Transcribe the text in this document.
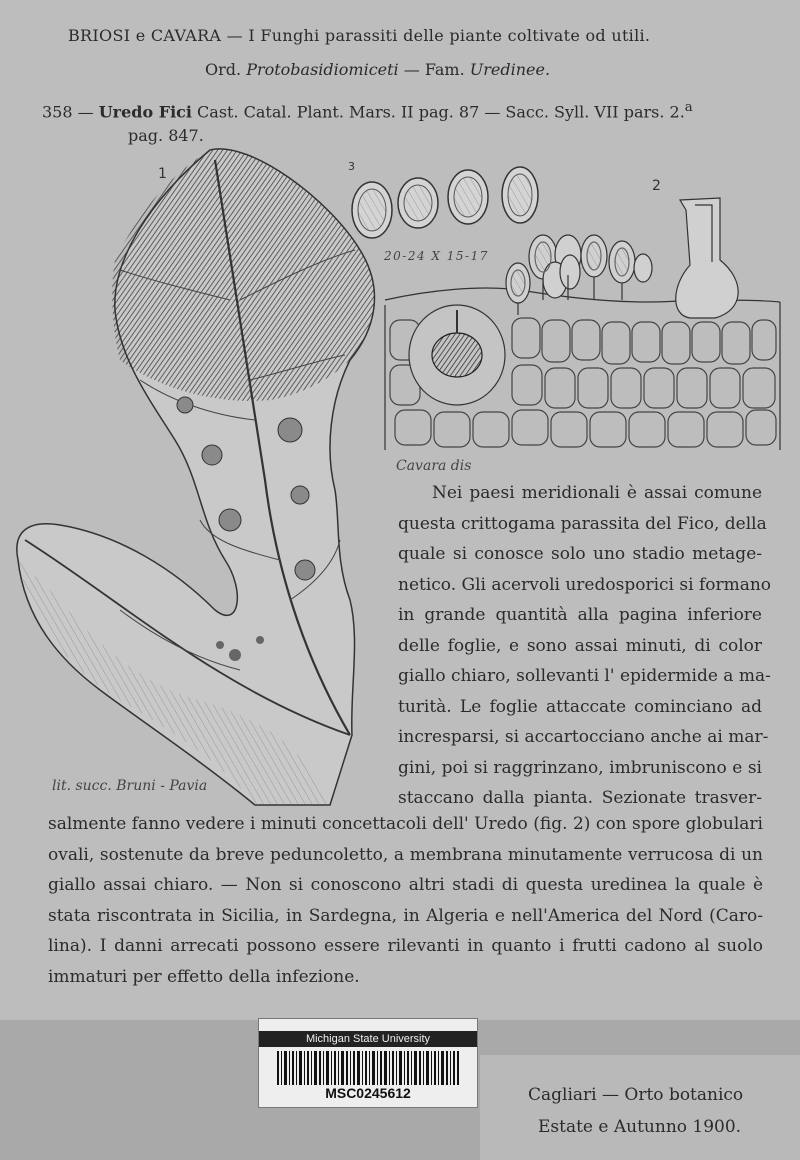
BRIOSI e CAVARA — I Funghi parassiti delle piante coltivate od utili.
Ord. Protobasidiomiceti — Fam. Uredinee.
358 — Uredo Fici Cast. Catal. Plant. Mars. II pag. 87 — Sacc. Syll. VII pars. 2.$^a$
pag. 847.
1
2
3
20-24 X 15-17
Cavara dis
lit. succ. Bruni - Pavia
Nei paesi meridionali è assai comune
questa crittogama parassita del Fico, della
quale si conosce solo uno stadio metage-
netico. Gli acervoli uredosporici si formano
in grande quantità alla pagina inferiore
delle foglie, e sono assai minuti, di color
giallo chiaro, sollevanti l' epidermide a ma-
turità. Le foglie attaccate cominciano ad
incresparsi, si accartocciano anche ai mar-
gini, poi si raggrinzano, imbruniscono e si
staccano dalla pianta. Sezionate trasver-
salmente fanno vedere i minuti concettacoli dell' Uredo (fig. 2) con spore globulari
ovali, sostenute da breve peduncoletto, a membrana minutamente verrucosa di un
giallo assai chiaro. — Non si conoscono altri stadi di questa uredinea la quale è
stata riscontrata in Sicilia, in Sardegna, in Algeria e nell'America del Nord (Caro-
lina). I danni arrecati possono essere rilevanti in quanto i frutti cadono al suolo
immaturi per effetto della infezione.
Michigan State University
MSC0245612	Cagliari — Orto botanico
Estate e Autunno 1900.
